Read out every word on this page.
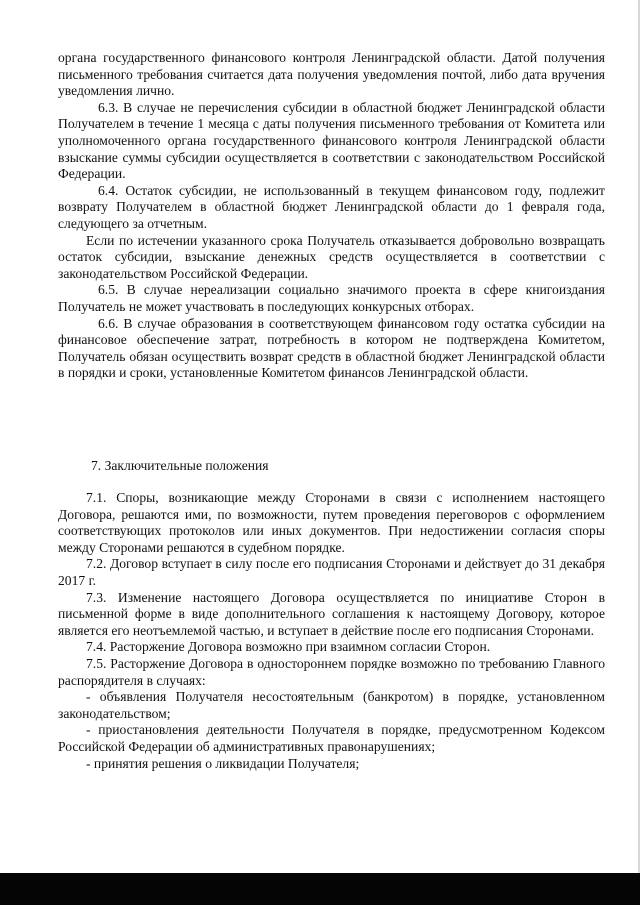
органа государственного финансового контроля Ленинградской области. Датой получения письменного требования считается дата получения уведомления почтой, либо дата вручения уведомления лично.

6.3. В случае не перечисления субсидии в областной бюджет Ленинградской области Получателем в течение 1 месяца с даты получения письменного требования от Комитета или уполномоченного органа государственного финансового контроля Ленинградской области взыскание суммы субсидии осуществляется в соответствии с законодательством Российской Федерации.

6.4. Остаток субсидии, не использованный в текущем финансовом году, подлежит возврату Получателем в областной бюджет Ленинградской области до 1 февраля года, следующего за отчетным.

Если по истечении указанного срока Получатель отказывается добровольно возвращать остаток субсидии, взыскание денежных средств осуществляется в соответствии с законодательством Российской Федерации.

6.5. В случае нереализации социально значимого проекта в сфере книгоиздания Получатель не может участвовать в последующих конкурсных отборах.

6.6. В случае образования в соответствующем финансовом году остатка субсидии на финансовое обеспечение затрат, потребность в котором не подтверждена Комитетом, Получатель обязан осуществить возврат средств в областной бюджет Ленинградской области в порядки и сроки, установленные Комитетом финансов Ленинградской области.

7. Заключительные положения

7.1. Споры, возникающие между Сторонами в связи с исполнением настоящего Договора, решаются ими, по возможности, путем проведения переговоров с оформлением соответствующих протоколов или иных документов. При недостижении согласия споры между Сторонами решаются в судебном порядке.

7.2. Договор вступает в силу после его подписания Сторонами и действует до 31 декабря 2017 г.

7.3. Изменение настоящего Договора осуществляется по инициативе Сторон в письменной форме в виде дополнительного соглашения к настоящему Договору, которое является его неотъемлемой частью, и вступает в действие после его подписания Сторонами.

7.4. Расторжение Договора возможно при взаимном согласии Сторон.

7.5. Расторжение Договора в одностороннем порядке возможно по требованию Главного распорядителя в случаях:

- объявления Получателя несостоятельным (банкротом) в порядке, установленном законодательством;

- приостановления деятельности Получателя в порядке, предусмотренном Кодексом Российской Федерации об административных правонарушениях;

- принятия решения о ликвидации Получателя;
